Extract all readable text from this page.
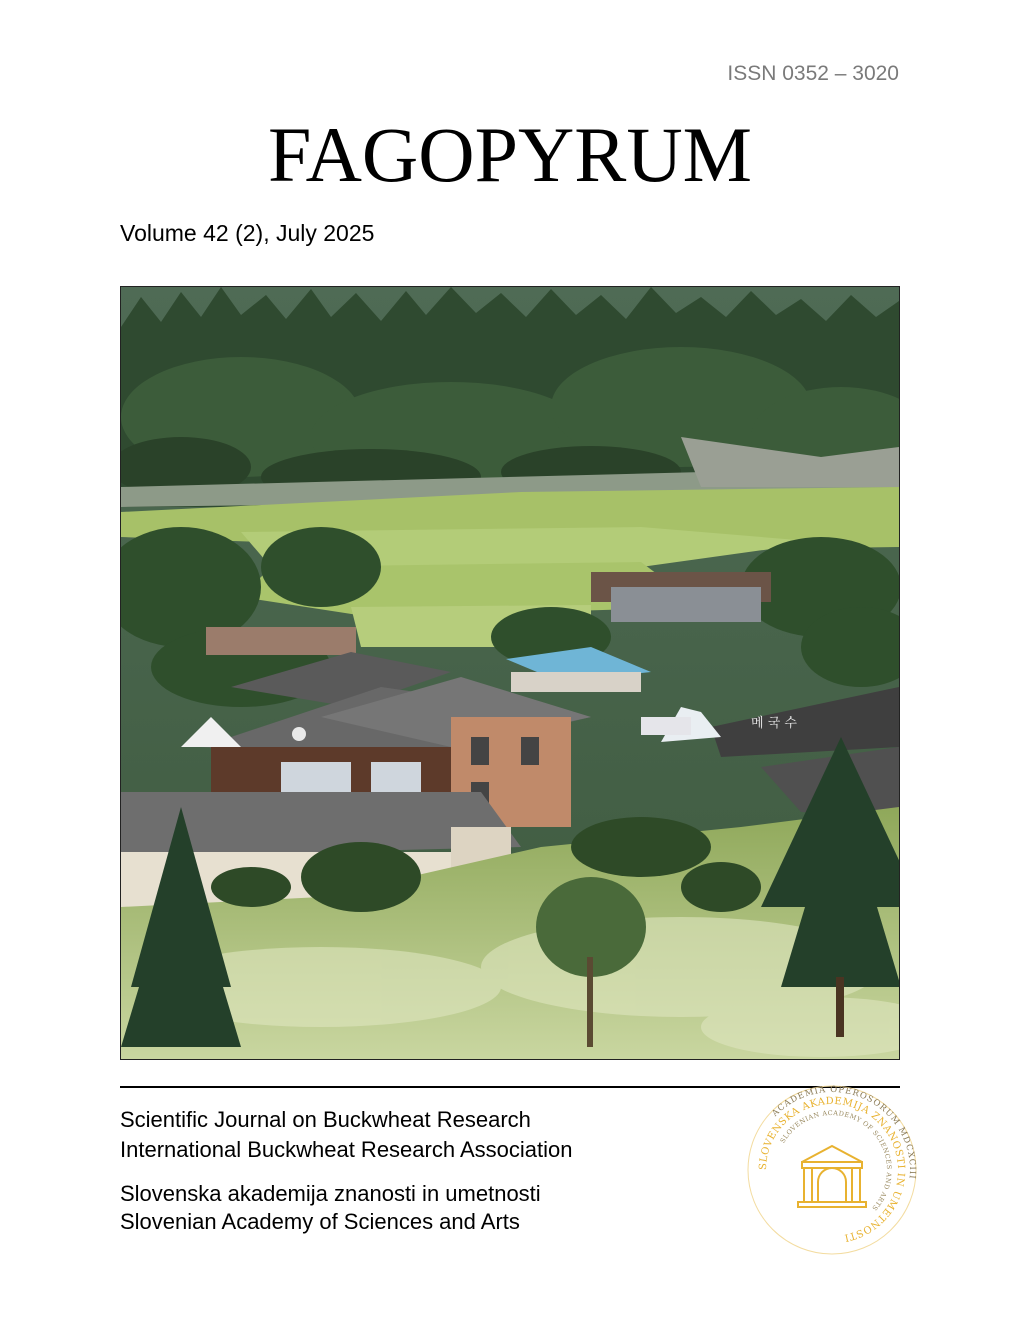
ISSN 0352 – 3020
FAGOPYRUM
Volume 42 (2), July 2025
메 국 수
Scientific Journal on Buckwheat Research
International Buckwheat Research Association
Slovenska akademija znanosti in umetnosti
Slovenian Academy of Sciences and Arts
ACADEMIA OPEROSORUM MDCXCIII
SLOVENSKA AKADEMIJA ZNANOSTI IN UMETNOSTI
SLOVENIAN ACADEMY OF SCIENCES AND ARTS
